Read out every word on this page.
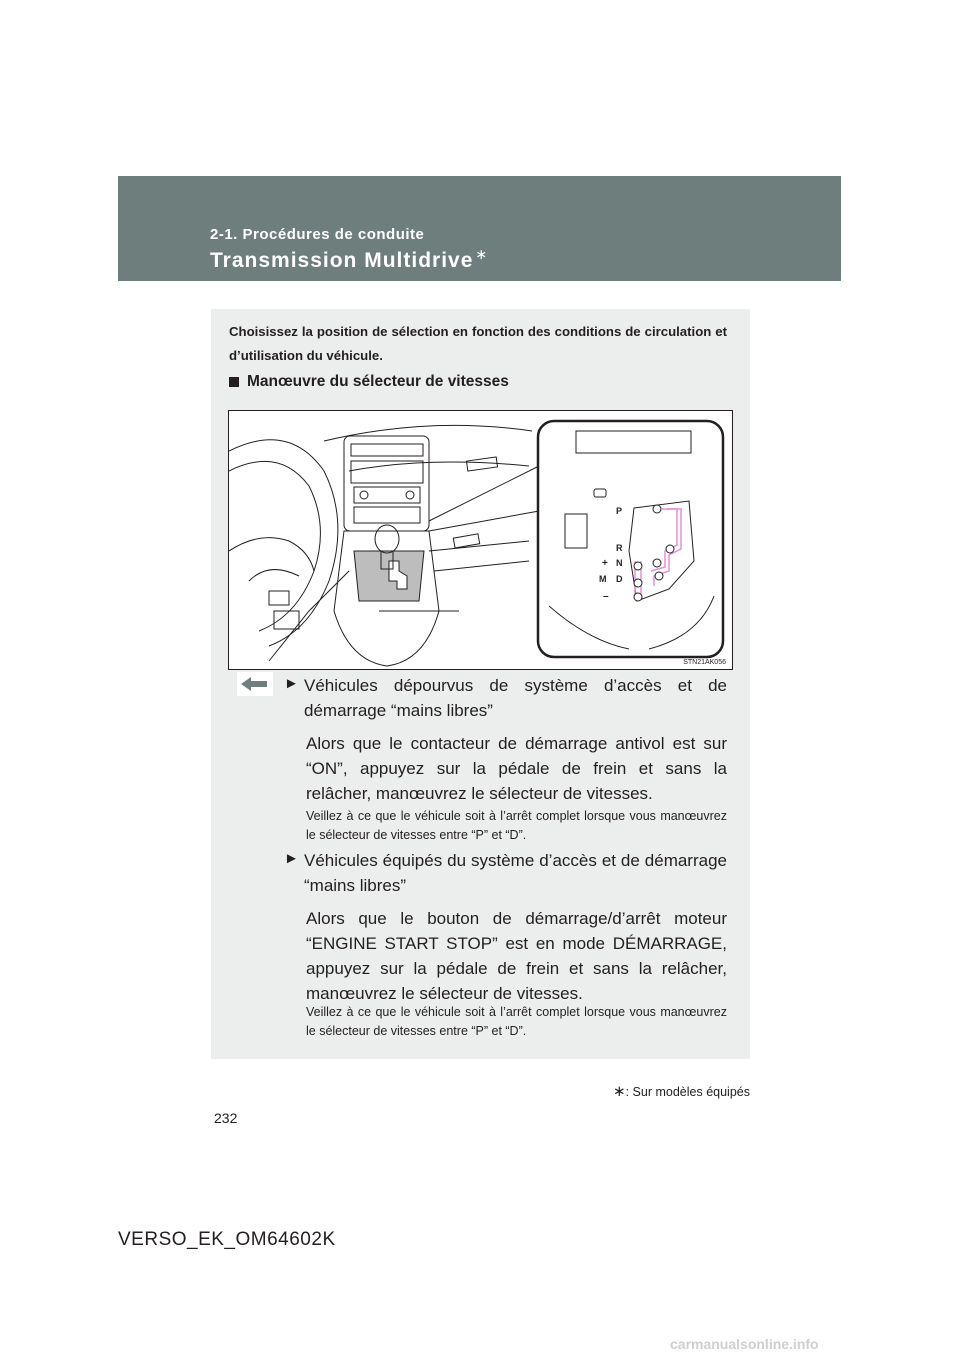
2-1. Procédures de conduite
Transmission Multidrive ∗
Choisissez la position de sélection en fonction des conditions de circulation et d’utilisation du véhicule.
Manœuvre du sélecteur de vitesses
P
R
N
D
+
M
–
STN21AK056
► Véhicules dépourvus de système d’accès et de démarrage “mains libres”
Alors que le contacteur de démarrage antivol est sur “ON”, appuyez sur la pédale de frein et sans la relâcher, manœuvrez le sélecteur de vitesses.
Veillez à ce que le véhicule soit à l’arrêt complet lorsque vous manœuvrez le sélecteur de vitesses entre “P” et “D”.
► Véhicules équipés du système d’accès et de démarrage “mains libres”
Alors que le bouton de démarrage/d’arrêt moteur “ENGINE START STOP” est en mode DÉMARRAGE, appuyez sur la pédale de frein et sans la relâcher, manœuvrez le sélecteur de vitesses.
Veillez à ce que le véhicule soit à l’arrêt complet lorsque vous manœuvrez le sélecteur de vitesses entre “P” et “D”.
∗: Sur modèles équipés
232
VERSO_EK_OM64602K
carmanualsonline.info
